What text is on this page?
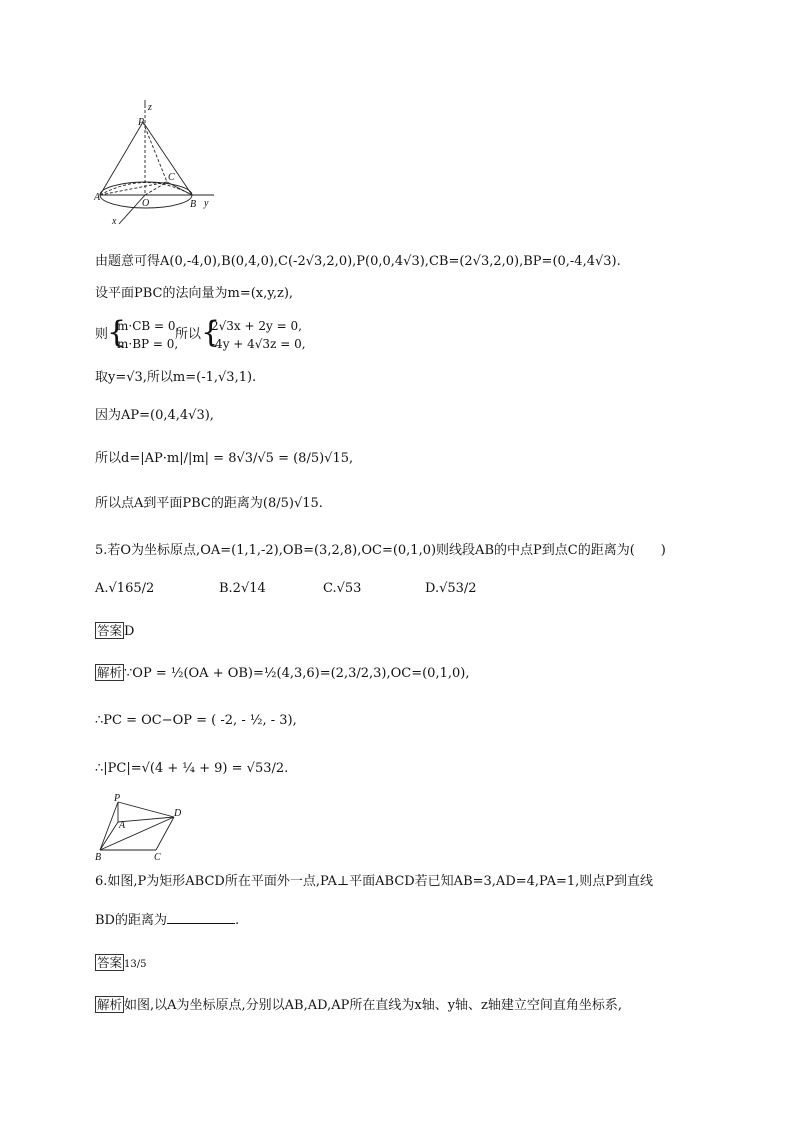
P
z
C
A
O	B y
x
由题意可得A(0,-4,0),B(0,4,0),C(-2√3,2,0),P(0,0,4√3),CB=(2√3,2,0),BP=(0,-4,4√3).
设平面PBC的法向量为m=(x,y,z),
则
{
m·CB = 0,
m·BP = 0,
所以 {
2√3x + 2y = 0,
-4y + 4√3z = 0,
取y=√3,所以m=(-1,√3,1).
因为AP=(0,4,4√3),
所以d=|AP·m|/|m| = 8√3/√5 = (8/5)√15,
所以点A到平面PBC的距离为(8/5)√15.
5.若O为坐标原点,OA=(1,1,-2),OB=(3,2,8),OC=(0,1,0)则线段AB的中点P到点C的距离为(　　)
A.√165/2	B.2√14	C.√53	D.√53/2
答案 D
解析 ∵OP = ½(OA + OB)=½(4,3,6)=(2,3/2,3),OC=(0,1,0),
∴PC = OC−OP = ( -2, - ½, - 3),
∴|PC|=√(4 + ¼ + 9) = √53/2.
P
A
D
B	C
6.如图,P为矩形ABCD所在平面外一点,PA⊥平面ABCD若已知AB=3,AD=4,PA=1,则点P到直线
BD的距离为	.
答案 13/5
解析 如图,以A为坐标原点,分别以AB,AD,AP所在直线为x轴、y轴、z轴建立空间直角坐标系,
